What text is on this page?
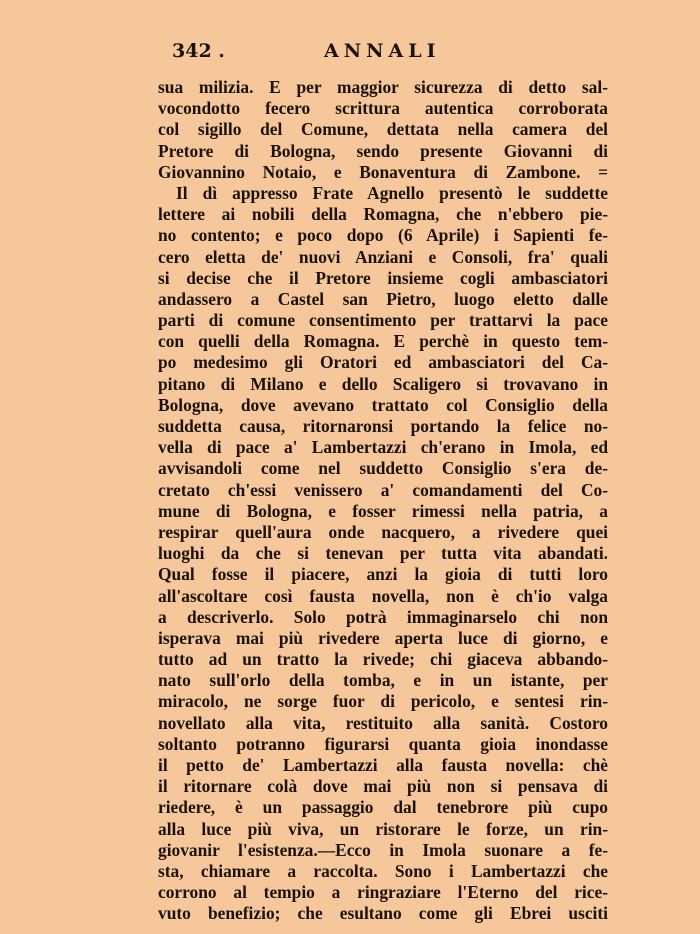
342 .	ANNALI
sua milizia. E per maggior sicurezza di detto sal-
vocondotto fecero scrittura autentica corroborata
col sigillo del Comune, dettata nella camera del
Pretore di Bologna, sendo presente Giovanni di
Giovannino Notaio, e Bonaventura di Zambone. =
Il dì appresso Frate Agnello presentò le suddette
lettere ai nobili della Romagna, che n'ebbero pie-
no contento; e poco dopo (6 Aprile) i Sapienti fe-
cero eletta de' nuovi Anziani e Consoli, fra' quali
si decise che il Pretore insieme cogli ambasciatori
andassero a Castel san Pietro, luogo eletto dalle
parti di comune consentimento per trattarvi la pace
con quelli della Romagna. E perchè in questo tem-
po medesimo gli Oratori ed ambasciatori del Ca-
pitano di Milano e dello Scaligero si trovavano in
Bologna, dove avevano trattato col Consiglio della
suddetta causa, ritornaronsi portando la felice no-
vella di pace a' Lambertazzi ch'erano in Imola, ed
avvisandoli come nel suddetto Consiglio s'era de-
cretato ch'essi venissero a' comandamenti del Co-
mune di Bologna, e fosser rimessi nella patria, a
respirar quell'aura onde nacquero, a rivedere quei
luoghi da che si tenevan per tutta vita abandati.
Qual fosse il piacere, anzi la gioia di tutti loro
all'ascoltare così fausta novella, non è ch'io valga
a descriverlo. Solo potrà immaginarselo chi non
isperava mai più rivedere aperta luce di giorno, e
tutto ad un tratto la rivede; chi giaceva abbando-
nato sull'orlo della tomba, e in un istante, per
miracolo, ne sorge fuor di pericolo, e sentesi rin-
novellato alla vita, restituito alla sanità. Costoro
soltanto potranno figurarsi quanta gioia inondasse
il petto de' Lambertazzi alla fausta novella: chè
il ritornare colà dove mai più non si pensava di
riedere, è un passaggio dal tenebrore più cupo
alla luce più viva, un ristorare le forze, un rin-
giovanir l'esistenza.—Ecco in Imola suonare a fe-
sta, chiamare a raccolta. Sono i Lambertazzi che
corrono al tempio a ringraziare l'Eterno del rice-
vuto benefizio; che esultano come gli Ebrei usciti
